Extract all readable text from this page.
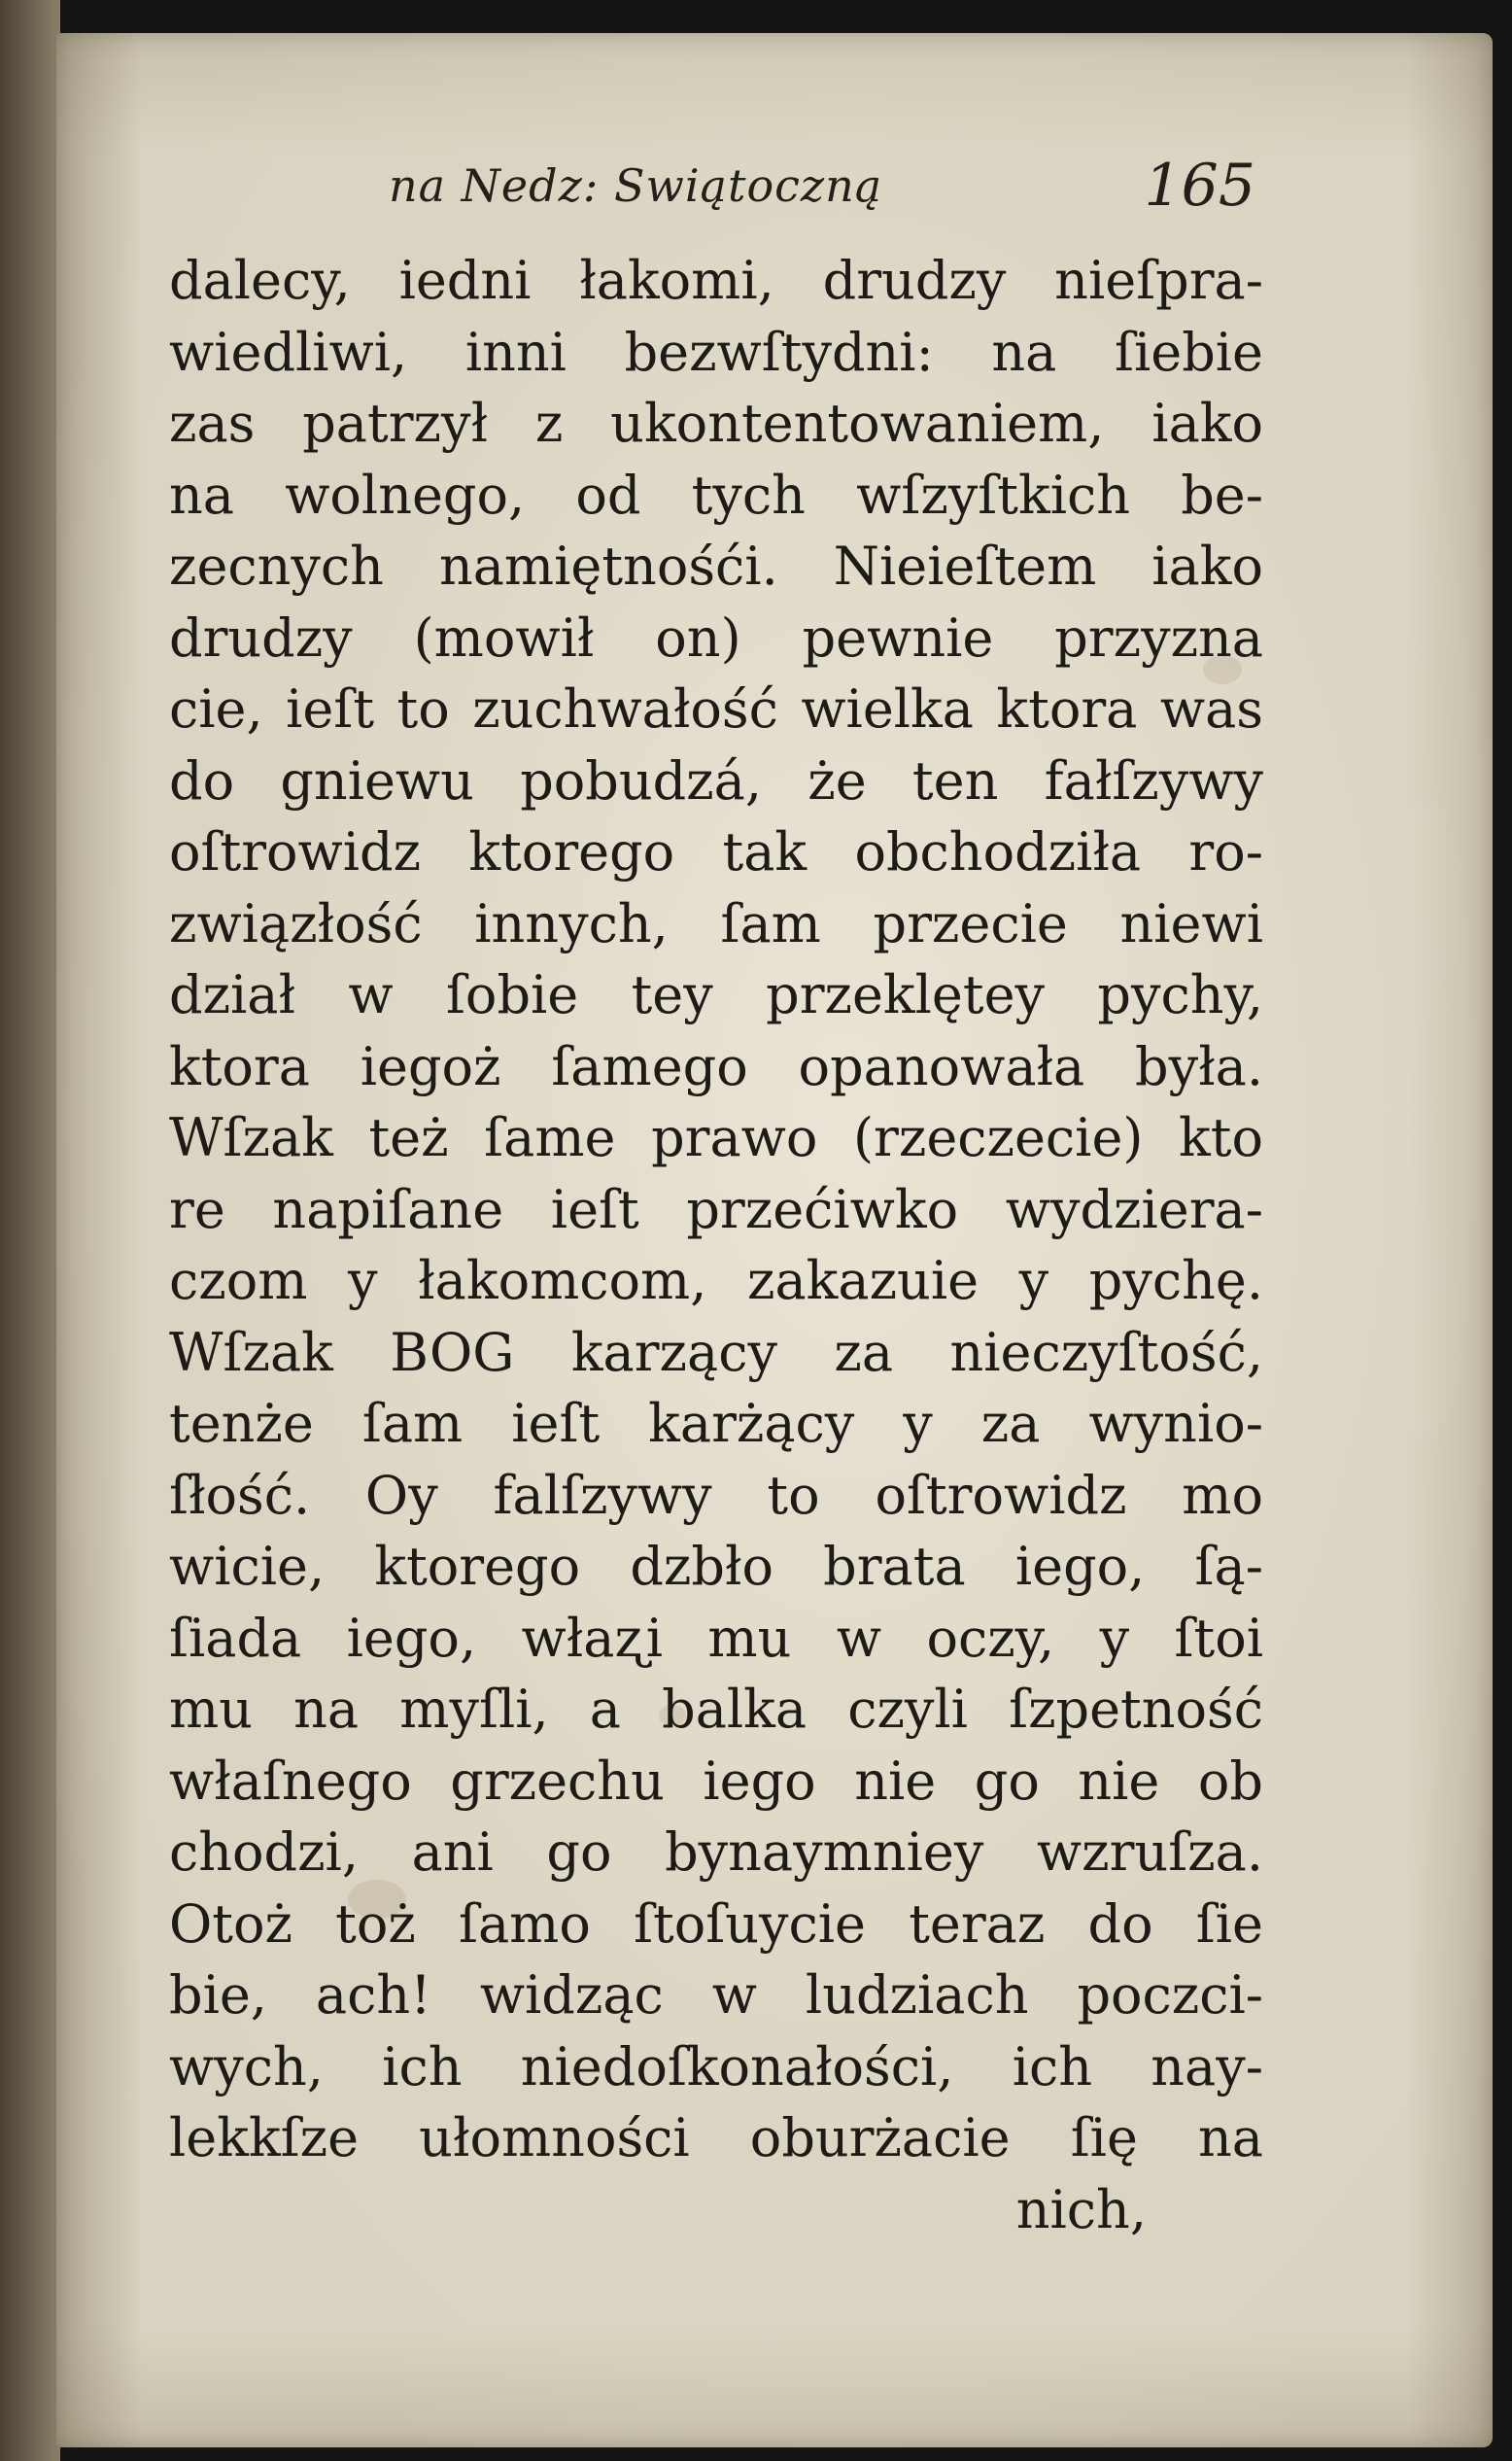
na Nedz: Swiątoczną	165
dalecy, iedni łakomi, drudzy nieſpra-
wiedliwi, inni bezwſtydni: na ſiebie
zas patrzył z ukontentowaniem, iako
na wolnego, od tych wſzyſtkich be-
zecnych namiętnośći. Nieieſtem iako
drudzy (mowił on) pewnie przyzna
cie, ieſt to zuchwałość wielka ktora was
do gniewu pobudzá, że ten fałſzywy
oſtrowidz ktorego tak obchodziła ro-
związłość innych, ſam przecie niewi
dział w ſobie tey przeklętey pychy,
ktora iegoż ſamego opanowała była.
Wſzak też ſame prawo (rzeczecie) kto
re napiſane ieſt przećiwko wydziera-
czom y łakomcom, zakazuie y pychę.
Wſzak BOG karzący za nieczyſtość,
tenże ſam ieſt karżący y za wynio-
ſłość. Oy falſzywy to oſtrowidz mo
wicie, ktorego dzbło brata iego, ſą-
ſiada iego, właʐi mu w oczy, y ſtoi
mu na myſli, a balka czyli ſzpetność
właſnego grzechu iego nie go nie ob
chodzi, ani go bynaymniey wzruſza.
Otoż toż ſamo ſtoſuycie teraz do ſie
bie, ach! widząc w ludziach poczci-
wych, ich niedoſkonałości, ich nay-
lekkſze ułomności oburżacie ſię na
nich,
